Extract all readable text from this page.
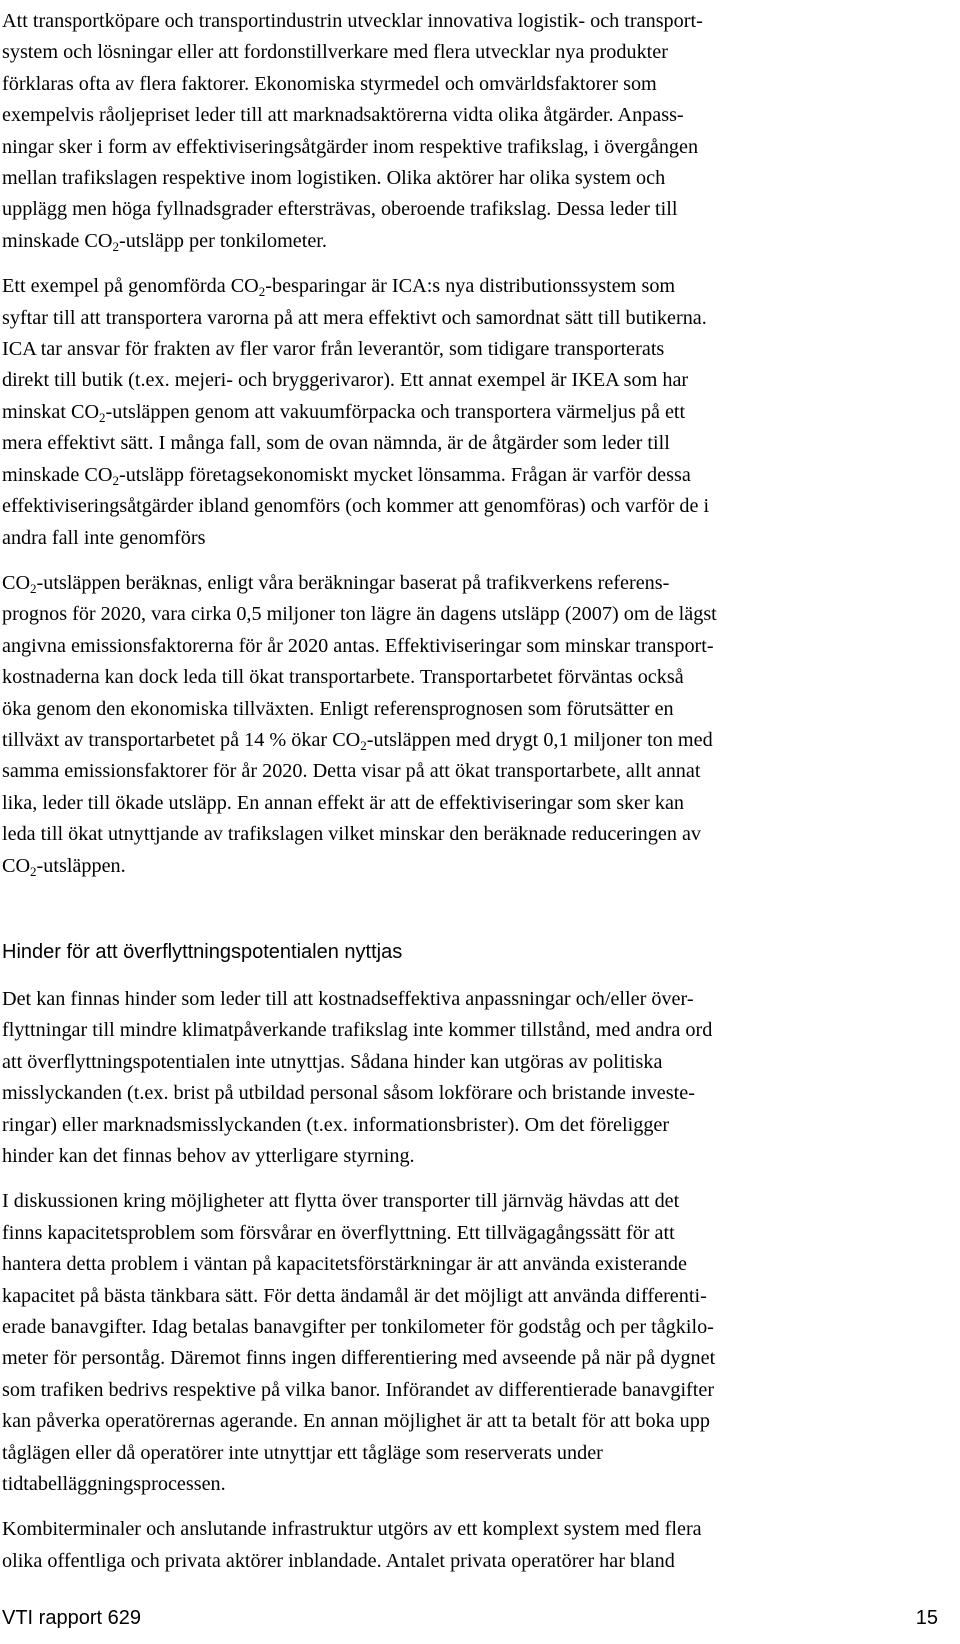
Att transportköpare och transportindustrin utvecklar innovativa logistik- och transport-
system och lösningar eller att fordonstillverkare med flera utvecklar nya produkter
förklaras ofta av flera faktorer. Ekonomiska styrmedel och omvärldsfaktorer som
exempelvis råoljepriset leder till att marknadsaktörerna vidta olika åtgärder. Anpass-
ningar sker i form av effektiviseringsåtgärder inom respektive trafikslag, i övergången
mellan trafikslagen respektive inom logistiken. Olika aktörer har olika system och
upplägg men höga fyllnadsgrader eftersträvas, oberoende trafikslag. Dessa leder till
minskade $CO_2$-utsläpp per tonkilometer.
Ett exempel på genomförda $CO_2$-besparingar är ICA:s nya distributionssystem som
syftar till att transportera varorna på att mera effektivt och samordnat sätt till butikerna.
ICA tar ansvar för frakten av fler varor från leverantör, som tidigare transporterats
direkt till butik (t.ex. mejeri- och bryggerivaror). Ett annat exempel är IKEA som har
minskat $CO_2$-utsläppen genom att vakuumförpacka och transportera värmeljus på ett
mera effektivt sätt. I många fall, som de ovan nämnda, är de åtgärder som leder till
minskade $CO_2$-utsläpp företagsekonomiskt mycket lönsamma. Frågan är varför dessa
effektiviseringsåtgärder ibland genomförs (och kommer att genomföras) och varför de i
andra fall inte genomförs
$CO_2$-utsläppen beräknas, enligt våra beräkningar baserat på trafikverkens referens-
prognos för 2020, vara cirka 0,5 miljoner ton lägre än dagens utsläpp (2007) om de lägst
angivna emissionsfaktorerna för år 2020 antas. Effektiviseringar som minskar transport-
kostnaderna kan dock leda till ökat transportarbete. Transportarbetet förväntas också
öka genom den ekonomiska tillväxten. Enligt referensprognosen som förutsätter en
tillväxt av transportarbetet på 14 % ökar $CO_2$-utsläppen med drygt 0,1 miljoner ton med
samma emissionsfaktorer för år 2020. Detta visar på att ökat transportarbete, allt annat
lika, leder till ökade utsläpp. En annan effekt är att de effektiviseringar som sker kan
leda till ökat utnyttjande av trafikslagen vilket minskar den beräknade reduceringen av
$CO_2$-utsläppen.
Hinder för att överflyttningspotentialen nyttjas
Det kan finnas hinder som leder till att kostnadseffektiva anpassningar och/eller över-
flyttningar till mindre klimatpåverkande trafikslag inte kommer tillstånd, med andra ord
att överflyttningspotentialen inte utnyttjas. Sådana hinder kan utgöras av politiska
misslyckanden (t.ex. brist på utbildad personal såsom lokförare och bristande investe-
ringar) eller marknadsmisslyckanden (t.ex. informationsbrister). Om det föreligger
hinder kan det finnas behov av ytterligare styrning.
I diskussionen kring möjligheter att flytta över transporter till järnväg hävdas att det
finns kapacitetsproblem som försvårar en överflyttning. Ett tillvägagångssätt för att
hantera detta problem i väntan på kapacitetsförstärkningar är att använda existerande
kapacitet på bästa tänkbara sätt. För detta ändamål är det möjligt att använda differenti-
erade banavgifter. Idag betalas banavgifter per tonkilometer för godståg och per tågkilo-
meter för persontåg. Däremot finns ingen differentiering med avseende på när på dygnet
som trafiken bedrivs respektive på vilka banor. Införandet av differentierade banavgifter
kan påverka operatörernas agerande. En annan möjlighet är att ta betalt för att boka upp
tåglägen eller då operatörer inte utnyttjar ett tågläge som reserverats under
tidtabelläggningsprocessen.
Kombiterminaler och anslutande infrastruktur utgörs av ett komplext system med flera
olika offentliga och privata aktörer inblandade. Antalet privata operatörer har bland
VTI rapport 629	15
